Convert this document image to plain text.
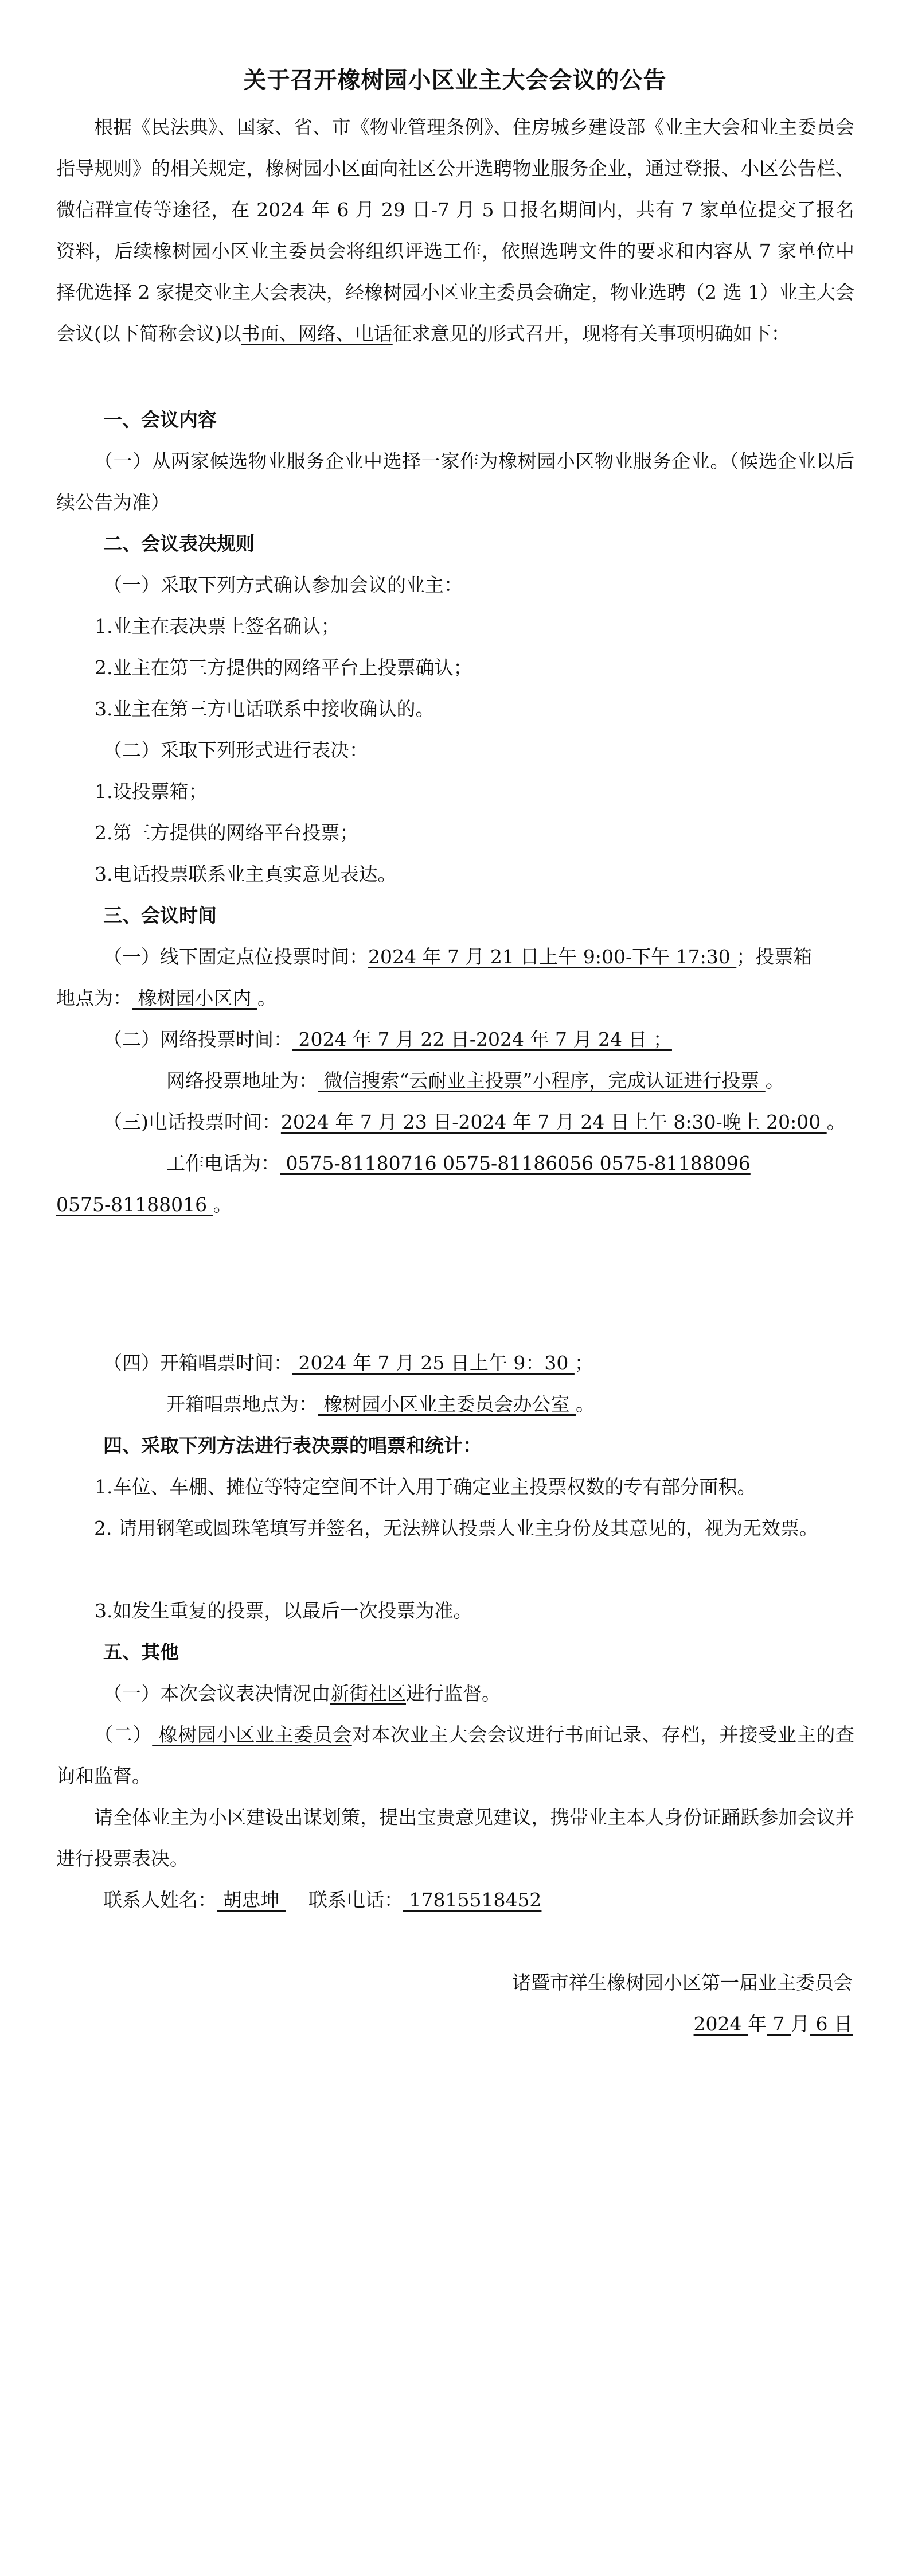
关于召开橡树园小区业主大会会议的公告

根据《民法典》、国家、省、市《物业管理条例》、住房城乡建设部《业主大会和业主委员会指导规则》的相关规定，橡树园小区面向社区公开选聘物业服务企业，通过登报、小区公告栏、微信群宣传等途径，在 2024 年 6 月 29 日-7 月 5 日报名期间内，共有 7 家单位提交了报名资料，后续橡树园小区业主委员会将组织评选工作，依照选聘文件的要求和内容从 7 家单位中择优选择 2 家提交业主大会表决，经橡树园小区业主委员会确定，物业选聘（2 选 1）业主大会会议(以下简称会议)以书面、网络、电话征求意见的形式召开，现将有关事项明确如下：

一、会议内容

（一）从两家候选物业服务企业中选择一家作为橡树园小区物业服务企业。（候选企业以后续公告为准）

二、会议表决规则
（一）采取下列方式确认参加会议的业主：
1.业主在表决票上签名确认；
2.业主在第三方提供的网络平台上投票确认；
3.业主在第三方电话联系中接收确认的。
（二）采取下列形式进行表决：
1.设投票箱；
2.第三方提供的网络平台投票；
3.电话投票联系业主真实意见表达。
三、会议时间
（一）线下固定点位投票时间：2024 年 7 月 21 日上午 9:00-下午 17:30 ；投票箱
地点为： 橡树园小区内 。
（二）网络投票时间： 2024 年 7 月 22 日-2024 年 7 月 24 日 ；
网络投票地址为： 微信搜索“云耐业主投票”小程序，完成认证进行投票 。
（三)电话投票时间：2024 年 7 月 23 日-2024 年 7 月 24 日上午 8:30-晚上 20:00 。
工作电话为： 0575-81180716 0575-81186056 0575-81188096
0575-81188016 。
（四）开箱唱票时间： 2024 年 7 月 25 日上午 9：30 ；
开箱唱票地点为： 橡树园小区业主委员会办公室 。
四、采取下列方法进行表决票的唱票和统计：
1.车位、车棚、摊位等特定空间不计入用于确定业主投票权数的专有部分面积。

2. 请用钢笔或圆珠笔填写并签名，无法辨认投票人业主身份及其意见的，视为无效票。

3.如发生重复的投票，以最后一次投票为准。
五、其他
（一）本次会议表决情况由新街社区进行监督。

（二） 橡树园小区业主委员会对本次业主大会会议进行书面记录、存档，并接受业主的查询和监督。

请全体业主为小区建设出谋划策，提出宝贵意见建议，携带业主本人身份证踊跃参加会议并进行投票表决。

联系人姓名： 胡忠坤 联系电话： 17815518452
诸暨市祥生橡树园小区第一届业主委员会
2024 年 7 月 6 日
